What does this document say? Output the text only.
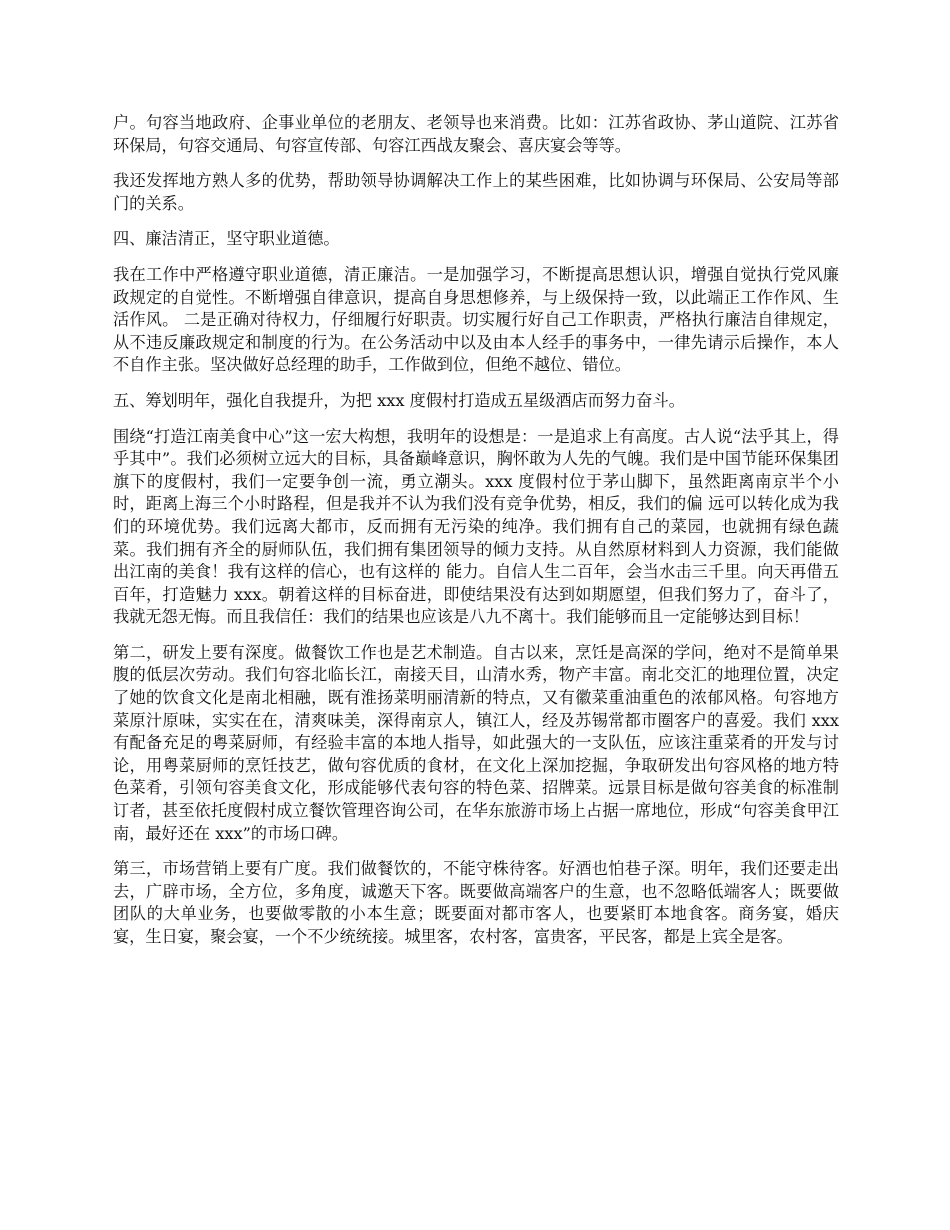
户。句容当地政府、企事业单位的老朋友、老领导也来消费。比如：江苏省政协、茅山道院、江苏省环保局，句容交通局、句容宣传部、句容江西战友聚会、喜庆宴会等等。

我还发挥地方熟人多的优势，帮助领导协调解决工作上的某些困难，比如协调与环保局、公安局等部门的关系。

四、廉洁清正，坚守职业道德。

我在工作中严格遵守职业道德，清正廉洁。一是加强学习，不断提高思想认识，增强自觉执行党风廉政规定的自觉性。不断增强自律意识，提高自身思想修养，与上级保持一致，以此端正工作作风、生活作风。 二是正确对待权力，仔细履行好职责。切实履行好自己工作职责，严格执行廉洁自律规定，从不违反廉政规定和制度的行为。在公务活动中以及由本人经手的事务中，一律先请示后操作，本人不自作主张。坚决做好总经理的助手，工作做到位，但绝不越位、错位。

五、筹划明年，强化自我提升，为把 xxx 度假村打造成五星级酒店而努力奋斗。

围绕“打造江南美食中心”这一宏大构想，我明年的设想是：一是追求上有高度。古人说“法乎其上，得乎其中”。我们必须树立远大的目标，具备巅峰意识，胸怀敢为人先的气魄。我们是中国节能环保集团旗下的度假村，我们一定要争创一流，勇立潮头。xxx 度假村位于茅山脚下，虽然距离南京半个小时，距离上海三个小时路程，但是我并不认为我们没有竞争优势，相反，我们的偏 远可以转化成为我们的环境优势。我们远离大都市，反而拥有无污染的纯净。我们拥有自己的菜园，也就拥有绿色蔬菜。我们拥有齐全的厨师队伍，我们拥有集团领导的倾力支持。从自然原材料到人力资源，我们能做出江南的美食！我有这样的信心，也有这样的 能力。自信人生二百年，会当水击三千里。向天再借五百年，打造魅力 xxx。朝着这样的目标奋进，即使结果没有达到如期愿望，但我们努力了，奋斗了，我就无怨无悔。而且我信任：我们的结果也应该是八九不离十。我们能够而且一定能够达到目标！

第二，研发上要有深度。做餐饮工作也是艺术制造。自古以来，烹饪是高深的学问，绝对不是简单果腹的低层次劳动。我们句容北临长江，南接天目，山清水秀，物产丰富。南北交汇的地理位置，决定了她的饮食文化是南北相融，既有淮扬菜明丽清新的特点，又有徽菜重油重色的浓郁风格。句容地方菜原汁原味，实实在在，清爽味美，深得南京人，镇江人，经及苏锡常都市圈客户的喜爱。我们 xxx 有配备充足的粤菜厨师，有经验丰富的本地人指导，如此强大的一支队伍，应该注重菜肴的开发与讨论，用粤菜厨师的烹饪技艺，做句容优质的食材，在文化上深加挖掘，争取研发出句容风格的地方特色菜肴，引领句容美食文化，形成能够代表句容的特色菜、招牌菜。远景目标是做句容美食的标准制订者，甚至依托度假村成立餐饮管理咨询公司，在华东旅游市场上占据一席地位，形成“句容美食甲江南，最好还在 xxx”的市场口碑。

第三，市场营销上要有广度。我们做餐饮的，不能守株待客。好酒也怕巷子深。明年，我们还要走出去，广辟市场，全方位，多角度，诚邀天下客。既要做高端客户的生意，也不忽略低端客人；既要做团队的大单业务，也要做零散的小本生意；既要面对都市客人，也要紧盯本地食客。商务宴，婚庆宴，生日宴，聚会宴，一个不少统统接。城里客，农村客，富贵客，平民客，都是上宾全是客。
